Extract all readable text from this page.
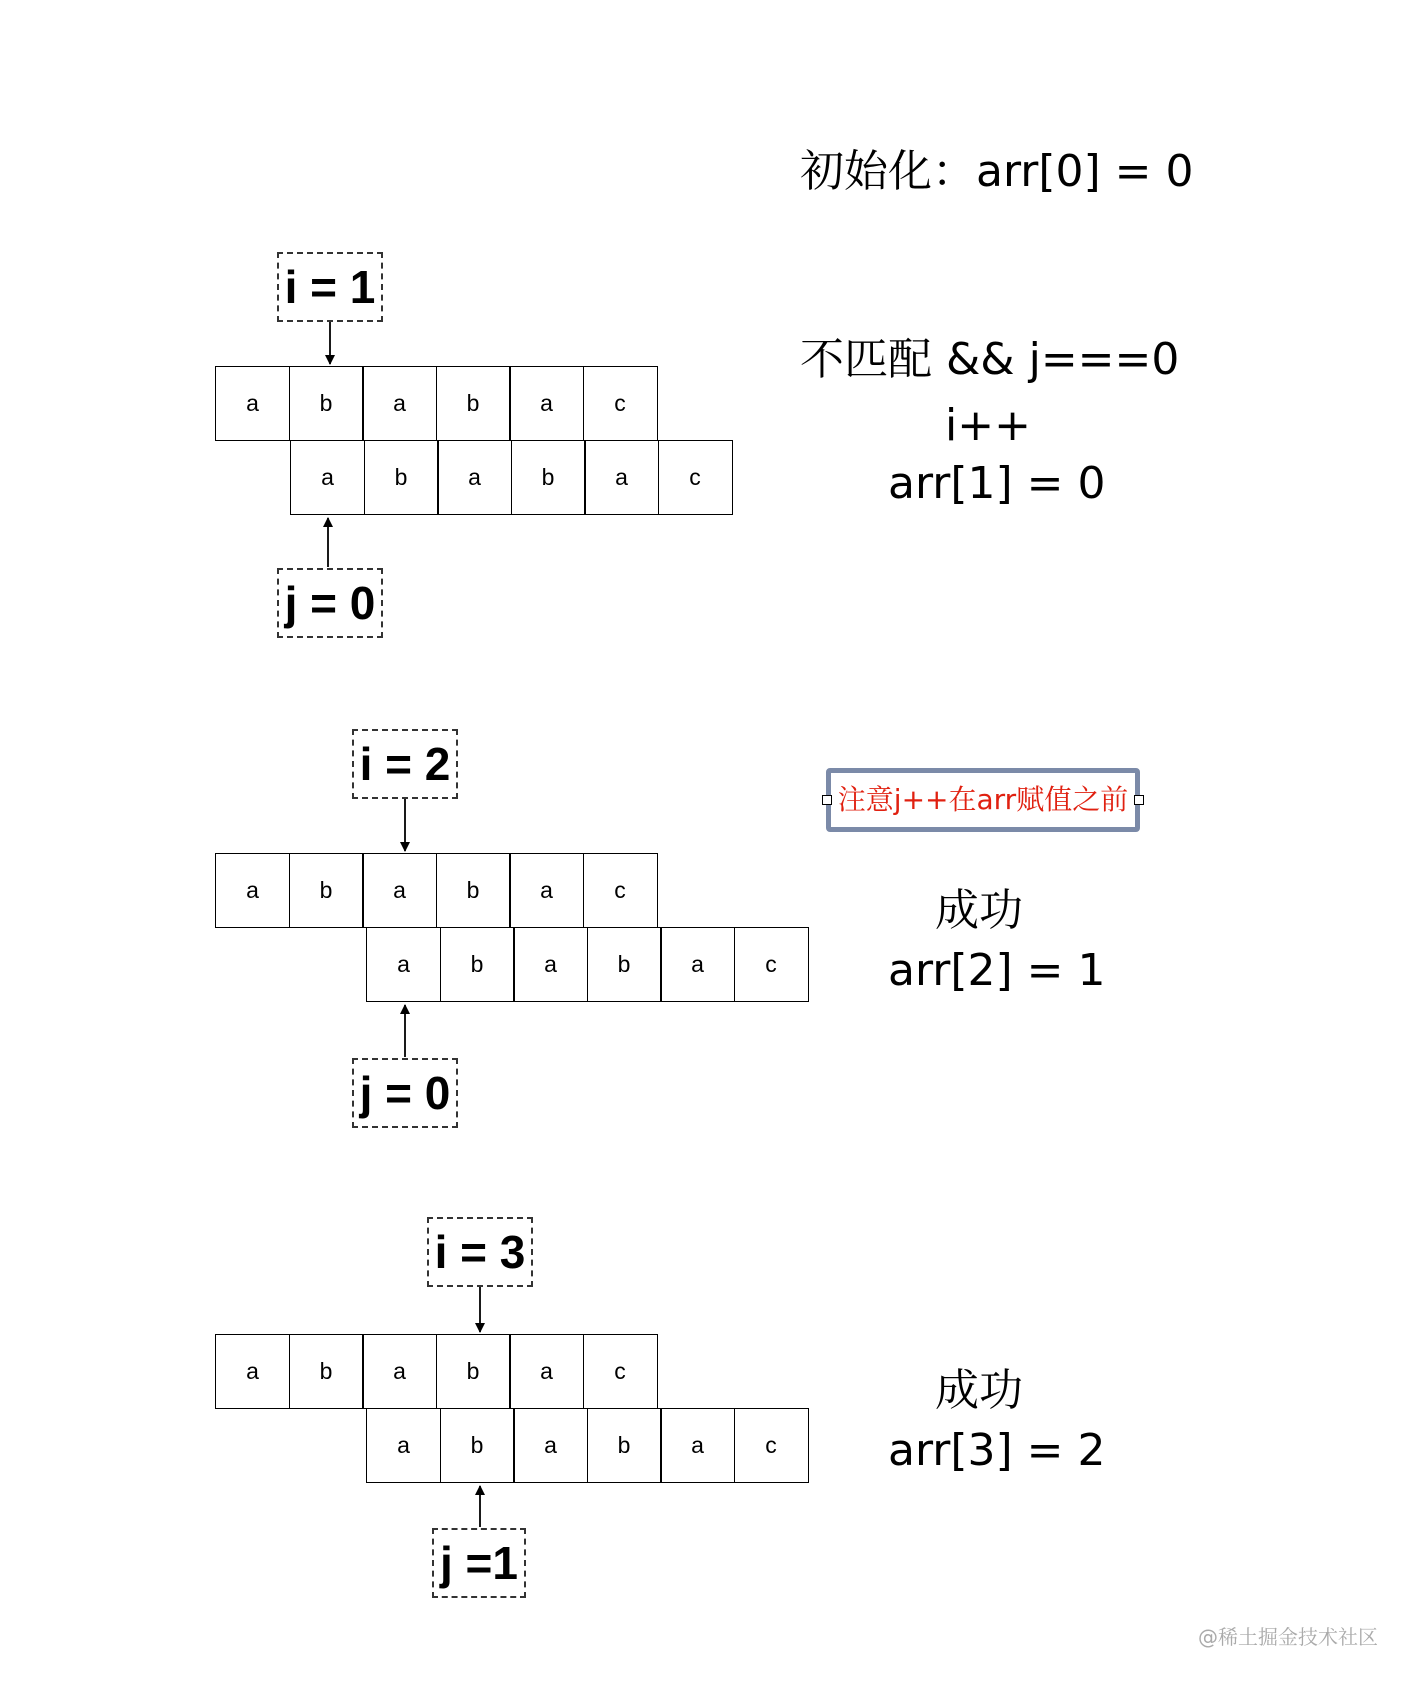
初始化：arr[0] = 0
i = 1
a	b	a	b	a	c
a	b	a	b	a	c
j = 0
不匹配 && j===0
i++
arr[1] = 0
i = 2
注意j++在arr赋值之前
a	b	a	b	a	c
a	b	a	b	a	c
j = 0
成功
arr[2] = 1
i = 3
a	b	a	b	a	c
a	b	a	b	a	c
j =1
成功
arr[3] = 2
@稀土掘金技术社区
